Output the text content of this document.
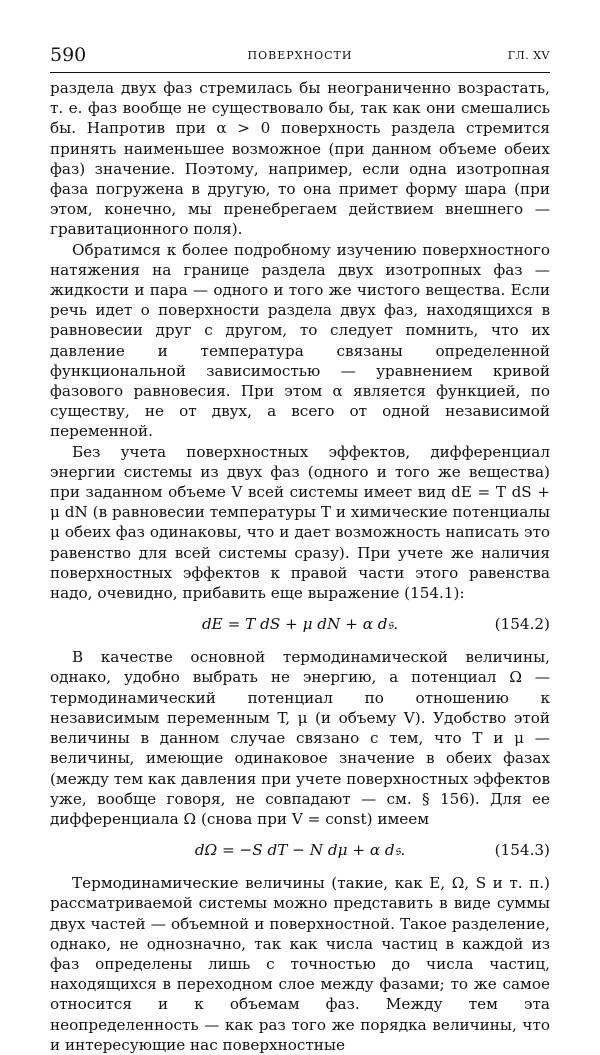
590	ПОВЕРХНОСТИ	ГЛ. XV

раздела двух фаз стремилась бы неограниченно возрастать, т. е. фаз вообще не существовало бы, так как они смешались бы. Напротив при α > 0 поверхность раздела стремится принять наименьшее возможное (при данном объеме обеих фаз) значение. Поэтому, например, если одна изотропная фаза погружена в другую, то она примет форму шара (при этом, конечно, мы пренебрегаем действием внешнего — гравитационного поля).

Обратимся к более подробному изучению поверхностного натяжения на границе раздела двух изотропных фаз — жидкости и пара — одного и того же чистого вещества. Если речь идет о поверхности раздела двух фаз, находящихся в равновесии друг с другом, то следует помнить, что их давление и температура связаны определенной функциональной зависимостью — уравнением кривой фазового равновесия. При этом α является функцией, по существу, не от двух, а всего от одной независимой переменной.

Без учета поверхностных эффектов, дифференциал энергии системы из двух фаз (одного и того же вещества) при заданном объеме V всей системы имеет вид dE = T dS + μ dN (в равновесии температуры T и химические потенциалы μ обеих фаз одинаковы, что и дает возможность написать это равенство для всей системы сразу). При учете же наличия поверхностных эффектов к правой части этого равенства надо, очевидно, прибавить еще выражение (154.1):

dE = T dS + μ dN + α d𝔰.	(154.2)

В качестве основной термодинамической величины, однако, удобно выбрать не энергию, а потенциал Ω — термодинамический потенциал по отношению к независимым переменным T, μ (и объему V). Удобство этой величины в данном случае связано с тем, что T и μ — величины, имеющие одинаковое значение в обеих фазах (между тем как давления при учете поверхностных эффектов уже, вообще говоря, не совпадают — см. § 156). Для ее дифференциала Ω (снова при V = const) имеем

dΩ = −S dT − N dμ + α d𝔰.	(154.3)

Термодинамические величины (такие, как E, Ω, S и т. п.) рассматриваемой системы можно представить в виде суммы двух частей — объемной и поверхностной. Такое разделение, однако, не однозначно, так как числа частиц в каждой из фаз определены лишь с точностью до числа частиц, находящихся в переходном слое между фазами; то же самое относится и к объемам фаз. Между тем эта неопределенность — как раз того же порядка величины, что и интересующие нас поверхностные
